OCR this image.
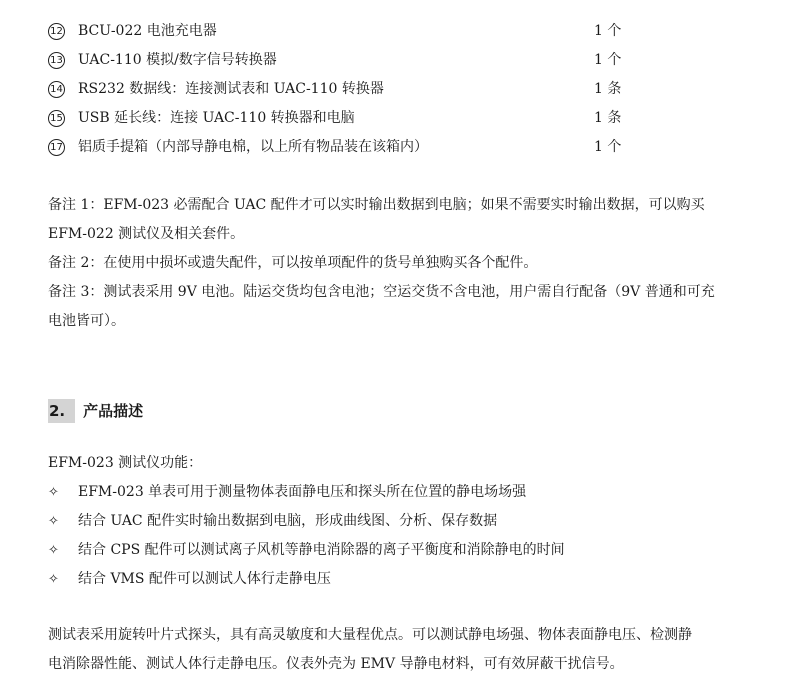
12 BCU-022 电池充电器	1 个
13 UAC-110 模拟/数字信号转换器	1 个
14 RS232 数据线：连接测试表和 UAC-110 转换器	1 条
15 USB 延长线：连接 UAC-110 转换器和电脑	1 条
17 铝质手提箱（内部导静电棉，以上所有物品装在该箱内）	1 个
备注 1：EFM-023 必需配合 UAC 配件才可以实时输出数据到电脑；如果不需要实时输出数据，可以购买
EFM-022 测试仪及相关套件。
备注 2：在使用中损坏或遗失配件，可以按单项配件的货号单独购买各个配件。
备注 3：测试表采用 9V 电池。陆运交货均包含电池；空运交货不含电池，用户需自行配备（9V 普通和可充
电池皆可）。
2. 产品描述
EFM-023 测试仪功能：
✧ EFM-023 单表可用于测量物体表面静电压和探头所在位置的静电场场强
✧ 结合 UAC 配件实时输出数据到电脑，形成曲线图、分析、保存数据
✧ 结合 CPS 配件可以测试离子风机等静电消除器的离子平衡度和消除静电的时间
✧ 结合 VMS 配件可以测试人体行走静电压
测试表采用旋转叶片式探头，具有高灵敏度和大量程优点。可以测试静电场强、物体表面静电压、检测静
电消除器性能、测试人体行走静电压。仪表外壳为 EMV 导静电材料，可有效屏蔽干扰信号。
